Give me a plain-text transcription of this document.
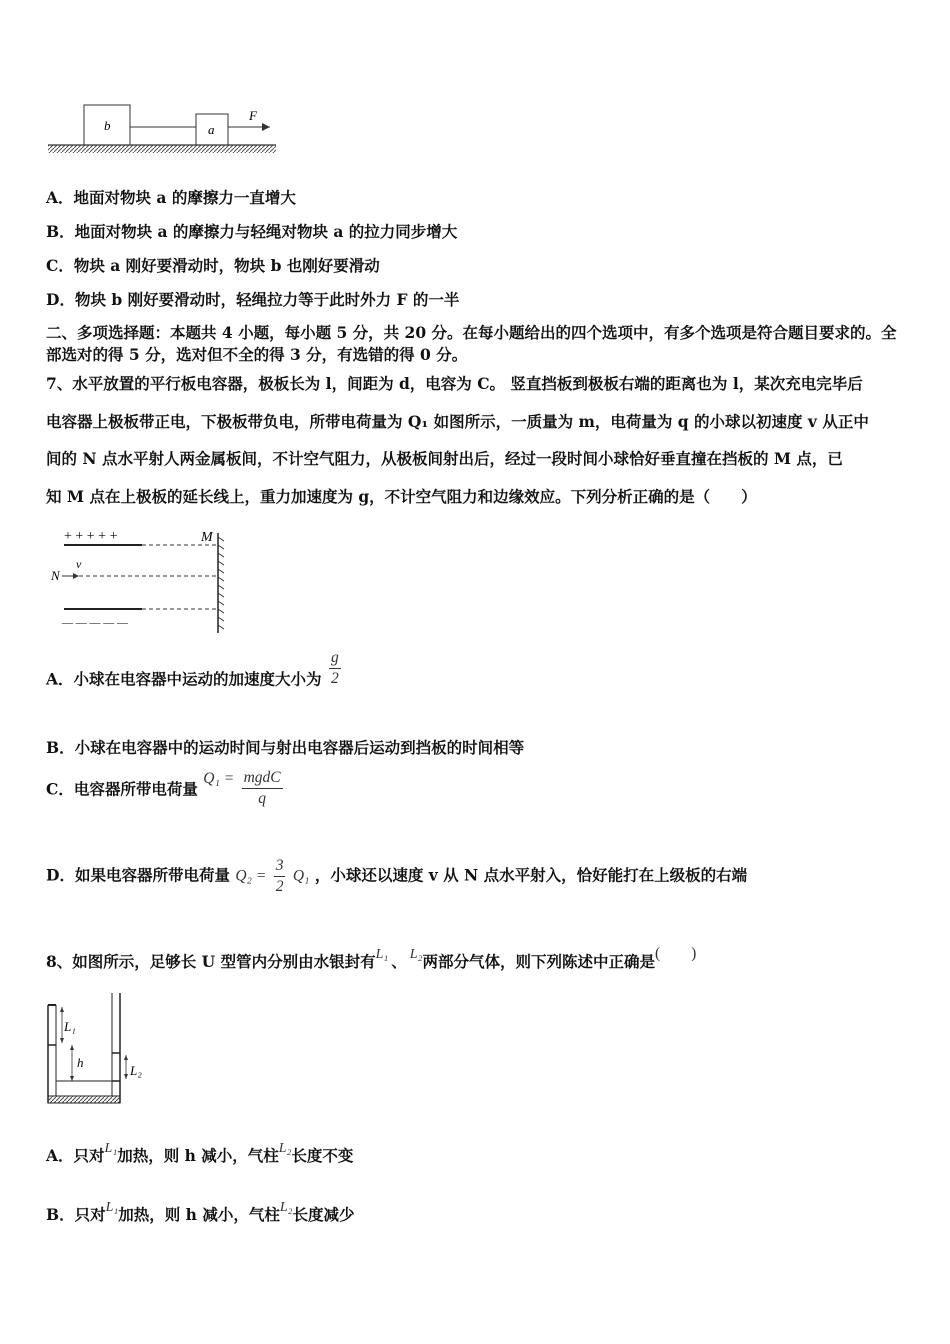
b	a
F
A．地面对物块 a 的摩擦力一直增大
B．地面对物块 a 的摩擦力与轻绳对物块 a 的拉力同步增大
C．物块 a 刚好要滑动时，物块 b 也刚好要滑动
D．物块 b 刚好要滑动时，轻绳拉力等于此时外力 F 的一半
二、多项选择题：本题共 4 小题，每小题 5 分，共 20 分。在每小题给出的四个选项中，有多个选项是符合题目要求的。全部选对的得 5 分，选对但不全的得 3 分，有选错的得 0 分。
7、水平放置的平行板电容器，极板长为 l，间距为 d，电容为 C。 竖直挡板到极板右端的距离也为 l，某次充电完毕后
电容器上极板带正电，下极板带负电，所带电荷量为 Q₁ 如图所示，一质量为 m，电荷量为 q 的小球以初速度 v 从正中
间的 N 点水平射人两金属板间，不计空气阻力，从极板间射出后，经过一段时间小球恰好垂直撞在挡板的 M 点，已
知 M 点在上极板的延长线上，重力加速度为 g，不计空气阻力和边缘效应。下列分析正确的是（　　）
+ + + + +	M
N
v
— — — — —
A．小球在电容器中运动的加速度大小为 $\frac{g}{2}$
B．小球在电容器中的运动时间与射出电容器后运动到挡板的时间相等
C．电容器所带电荷量 $Q_1 = \frac{\text{mgdC}}{q}$
D．如果电容器所带电荷量 $Q_2 = \frac{3}{2} Q_1$ ，小球还以速度 v 从 N 点水平射入，恰好能打在上级板的右端
8、如图所示，足够长 U 型管内分别由水银封有L₁ 、 L₂两部分气体，则下列陈述中正确是(　　)
L₁
h
L₂
A．只对L₁加热，则 h 减小，气柱L₂长度不变
B．只对L₁加热，则 h 减小，气柱L₂长度减少
